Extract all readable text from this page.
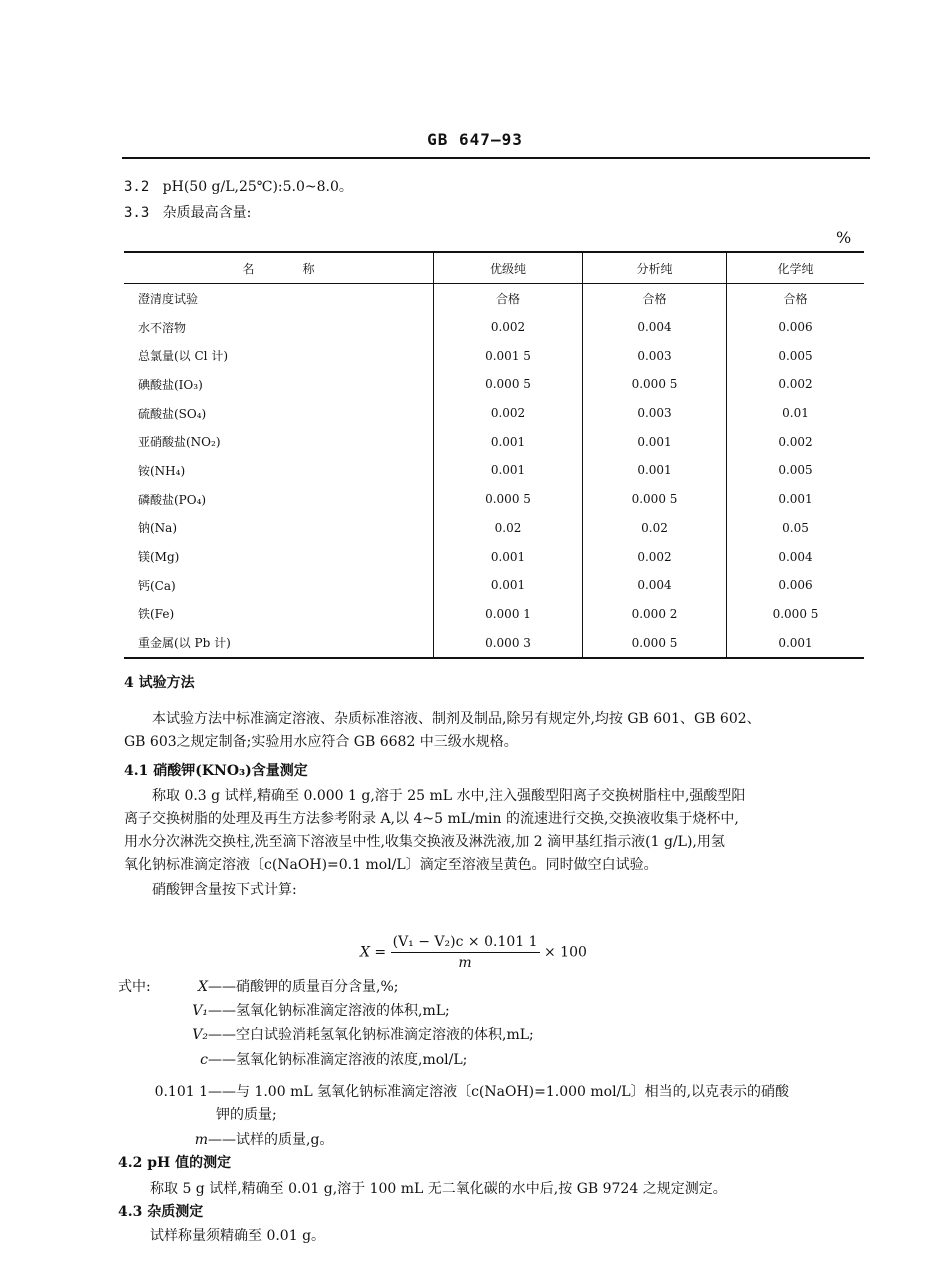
GB 647—93
3.2 pH(50 g/L,25℃):5.0~8.0。
3.3 杂质最高含量:
%
名　　　　称	优级纯	分析纯	化学纯
澄清度试验	合格	合格	合格
水不溶物	0.002	0.004	0.006
总氯量(以 Cl 计)	0.001 5	0.003	0.005
碘酸盐(IO₃)	0.000 5	0.000 5	0.002
硫酸盐(SO₄)	0.002	0.003	0.01
亚硝酸盐(NO₂)	0.001	0.001	0.002
铵(NH₄)	0.001	0.001	0.005
磷酸盐(PO₄)	0.000 5	0.000 5	0.001
钠(Na)	0.02	0.02	0.05
镁(Mg)	0.001	0.002	0.004
钙(Ca)	0.001	0.004	0.006
铁(Fe)	0.000 1	0.000 2	0.000 5
重金属(以 Pb 计)	0.000 3	0.000 5	0.001
4 试验方法
本试验方法中标准滴定溶液、杂质标准溶液、制剂及制品,除另有规定外,均按 GB 601、GB 602、
GB 603之规定制备;实验用水应符合 GB 6682 中三级水规格。
4.1 硝酸钾(KNO₃)含量测定
称取 0.3 g 试样,精确至 0.000 1 g,溶于 25 mL 水中,注入强酸型阳离子交换树脂柱中,强酸型阳
离子交换树脂的处理及再生方法参考附录 A,以 4~5 mL/min 的流速进行交换,交换液收集于烧杯中,
用水分次淋洗交换柱,洗至滴下溶液呈中性,收集交换液及淋洗液,加 2 滴甲基红指示液(1 g/L),用氢
氧化钠标准滴定溶液〔c(NaOH)=0.1 mol/L〕滴定至溶液呈黄色。同时做空白试验。
硝酸钾含量按下式计算:
$X = \frac{\text{(V₁ − V₂)c × 0.101 1}}{m} \times 100$
式中:	X ——硝酸钾的质量百分含量,%;
V₁ ——氢氧化钠标准滴定溶液的体积,mL;
V₂ ——空白试验消耗氢氧化钠标准滴定溶液的体积,mL;
c ——氢氧化钠标准滴定溶液的浓度,mol/L;
0.101 1 ——与 1.00 mL 氢氧化钠标准滴定溶液〔c(NaOH)=1.000 mol/L〕相当的,以克表示的硝酸
钾的质量;
m ——试样的质量,g。
4.2 pH 值的测定
称取 5 g 试样,精确至 0.01 g,溶于 100 mL 无二氧化碳的水中后,按 GB 9724 之规定测定。
4.3 杂质测定
试样称量须精确至 0.01 g。
